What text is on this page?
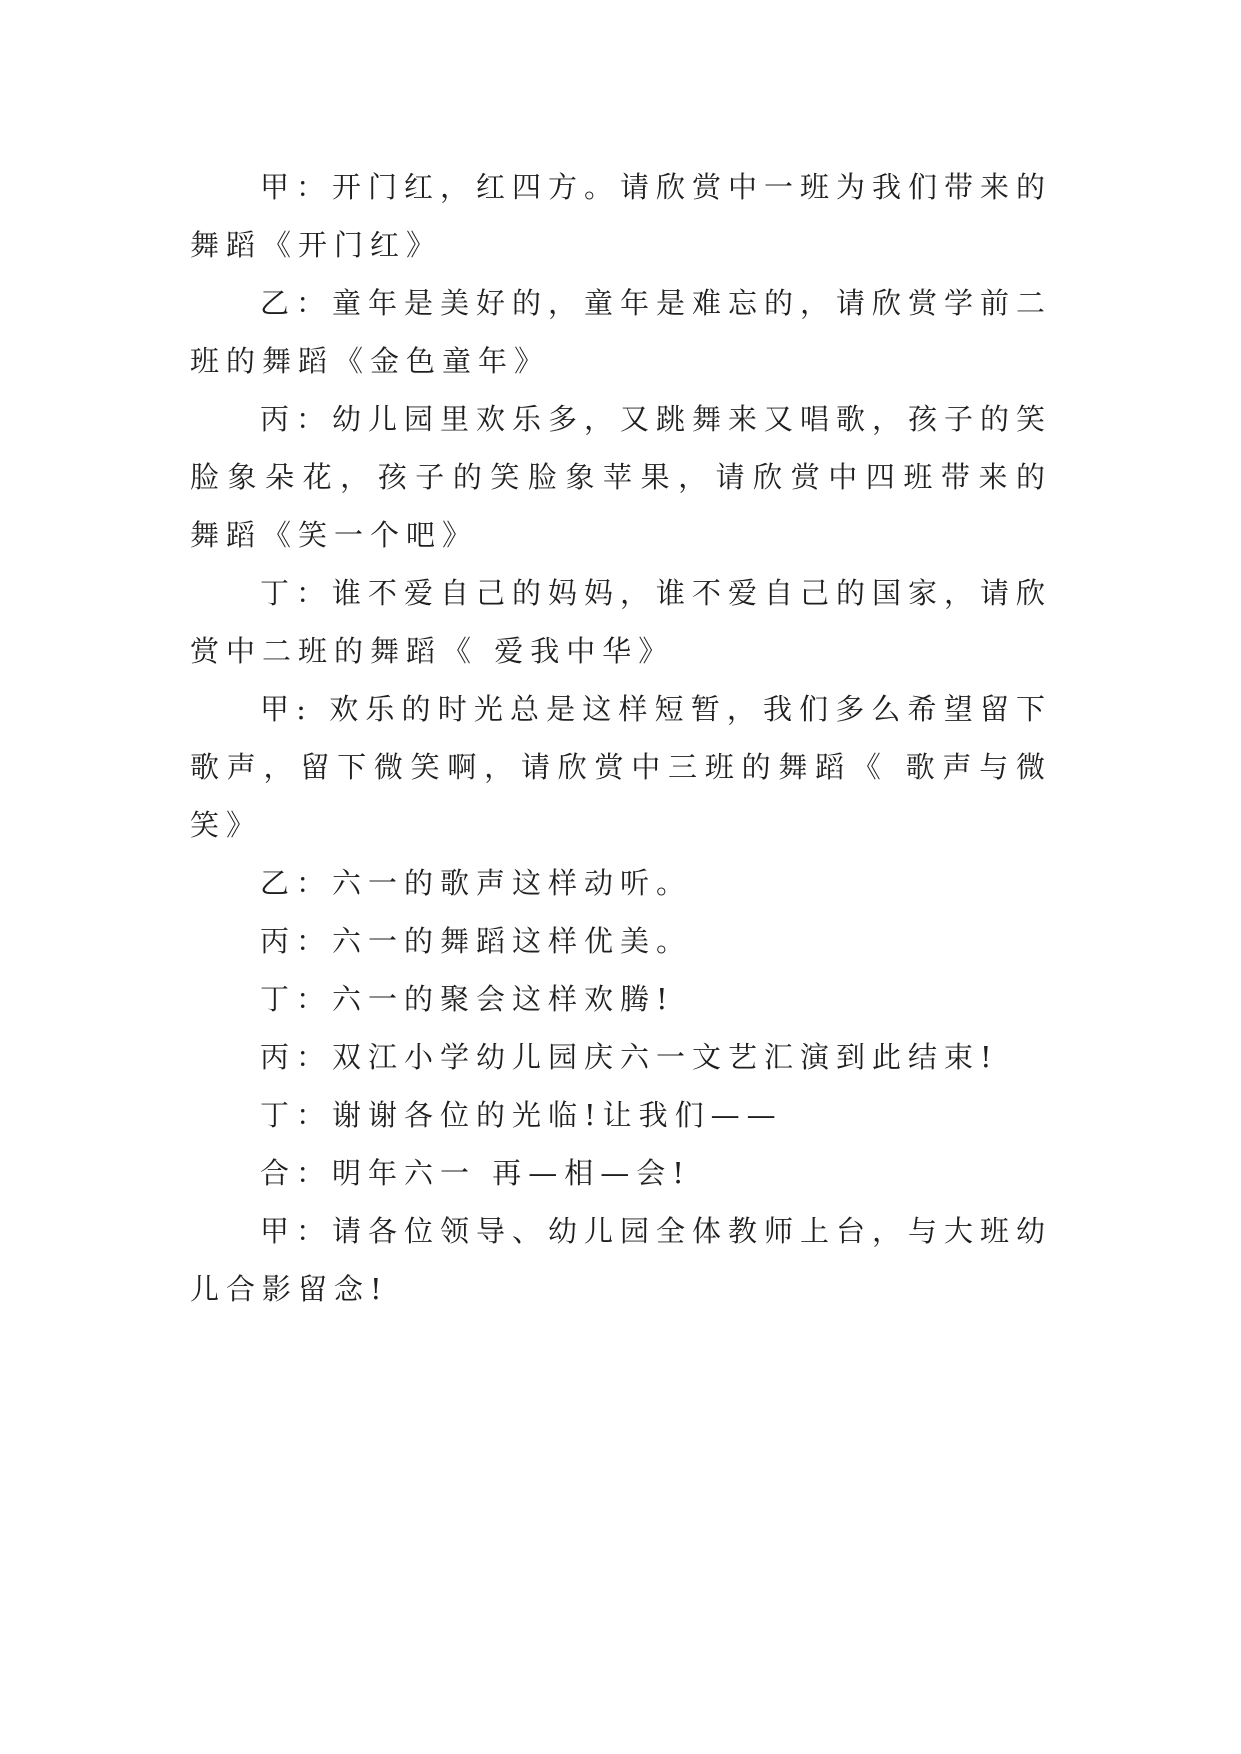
甲：开门红，红四方。请欣赏中一班为我们带来的舞蹈《开门红》

乙：童年是美好的，童年是难忘的，请欣赏学前二班的舞蹈《金色童年》

丙：幼儿园里欢乐多，又跳舞来又唱歌，孩子的笑脸象朵花，孩子的笑脸象苹果，请欣赏中四班带来的舞蹈《笑一个吧》

丁：谁不爱自己的妈妈，谁不爱自己的国家，请欣赏中二班的舞蹈《 爱我中华》

甲: 欢乐的时光总是这样短暂，我们多么希望留下歌声，留下微笑啊，请欣赏中三班的舞蹈《 歌声与微笑》

乙：六一的歌声这样动听。

丙：六一的舞蹈这样优美。

丁：六一的聚会这样欢腾!

丙：双江小学幼儿园庆六一文艺汇演到此结束!

丁：谢谢各位的光临!让我们——

合：明年六一 再—相—会!

甲：请各位领导、幼儿园全体教师上台，与大班幼儿合影留念!
